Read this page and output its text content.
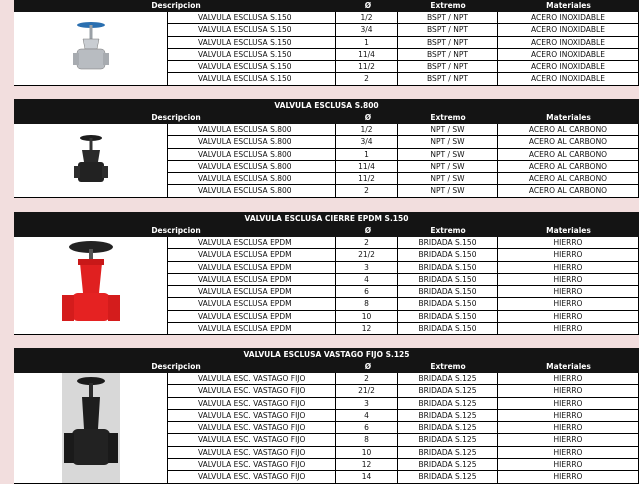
Descripcion	Ø	Extremo	Materiales
VALVULA ESCLUSA S.150	1/2	BSPT / NPT	ACERO INOXIDABLE
VALVULA ESCLUSA S.150	3/4	BSPT / NPT	ACERO INOXIDABLE
VALVULA ESCLUSA S.150	1	BSPT / NPT	ACERO INOXIDABLE
VALVULA ESCLUSA S.150	11/4	BSPT / NPT	ACERO INOXIDABLE
VALVULA ESCLUSA S.150	11/2	BSPT / NPT	ACERO INOXIDABLE
VALVULA ESCLUSA S.150	2	BSPT / NPT	ACERO INOXIDABLE
VALVULA ESCLUSA S.800
Descripcion	Ø	Extremo	Materiales
VALVULA ESCLUSA S.800	1/2	NPT / SW	ACERO AL CARBONO
VALVULA ESCLUSA S.800	3/4	NPT / SW	ACERO AL CARBONO
VALVULA ESCLUSA S.800	1	NPT / SW	ACERO AL CARBONO
VALVULA ESCLUSA S.800	11/4	NPT / SW	ACERO AL CARBONO
VALVULA ESCLUSA S.800	11/2	NPT / SW	ACERO AL CARBONO
VALVULA ESCLUSA S.800	2	NPT / SW	ACERO AL CARBONO
VALVULA ESCLUSA CIERRE EPDM S.150
Descripcion	Ø	Extremo	Materiales
VALVULA ESCLUSA EPDM	2	BRIDADA S.150	HIERRO
VALVULA ESCLUSA EPDM	21/2	BRIDADA S.150	HIERRO
VALVULA ESCLUSA EPDM	3	BRIDADA S.150	HIERRO
VALVULA ESCLUSA EPDM	4	BRIDADA S.150	HIERRO
VALVULA ESCLUSA EPDM	6	BRIDADA S.150	HIERRO
VALVULA ESCLUSA EPDM	8	BRIDADA S.150	HIERRO
VALVULA ESCLUSA EPDM	10	BRIDADA S.150	HIERRO
VALVULA ESCLUSA EPDM	12	BRIDADA S.150	HIERRO
VALVULA ESCLUSA VASTAGO FIJO S.125
Descripcion	Ø	Extremo	Materiales
VALVULA ESC. VASTAGO FIJO	2	BRIDADA S.125	HIERRO
VALVULA ESC. VASTAGO FIJO	21/2	BRIDADA S.125	HIERRO
VALVULA ESC. VASTAGO FIJO	3	BRIDADA S.125	HIERRO
VALVULA ESC. VASTAGO FIJO	4	BRIDADA S.125	HIERRO
VALVULA ESC. VASTAGO FIJO	6	BRIDADA S.125	HIERRO
VALVULA ESC. VASTAGO FIJO	8	BRIDADA S.125	HIERRO
VALVULA ESC. VASTAGO FIJO	10	BRIDADA S.125	HIERRO
VALVULA ESC. VASTAGO FIJO	12	BRIDADA S.125	HIERRO
VALVULA ESC. VASTAGO FIJO	14	BRIDADA S.125	HIERRO
